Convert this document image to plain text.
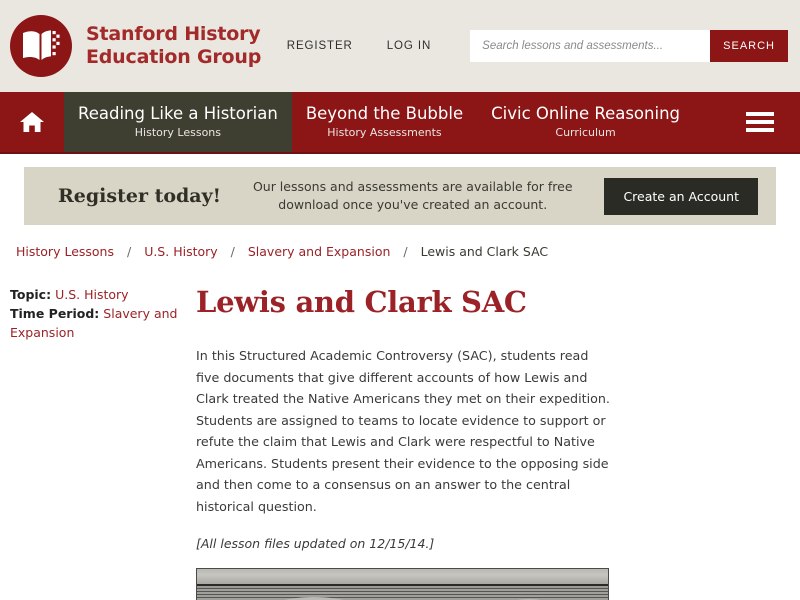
Stanford History
Education Group	REGISTER	LOG IN
Search lessons and assessments...	SEARCH
Reading Like a Historian
History Lessons
Beyond the Bubble
History Assessments
Civic Online Reasoning
Curriculum
Register today!	Our lessons and assessments are available for free download once you've created an account.
Create an Account
History Lessons / U.S. History / Slavery and Expansion / Lewis and Clark SAC
Topic: U.S. History
Time Period: Slavery and Expansion
Lewis and Clark SAC

In this Structured Academic Controversy (SAC), students read five documents that give different accounts of how Lewis and Clark treated the Native Americans they met on their expedition. Students are assigned to teams to locate evidence to support or refute the claim that Lewis and Clark were respectful to Native Americans. Students present their evidence to the opposing side and then come to a consensus on an answer to the central historical question.

[All lesson files updated on 12/15/14.]
